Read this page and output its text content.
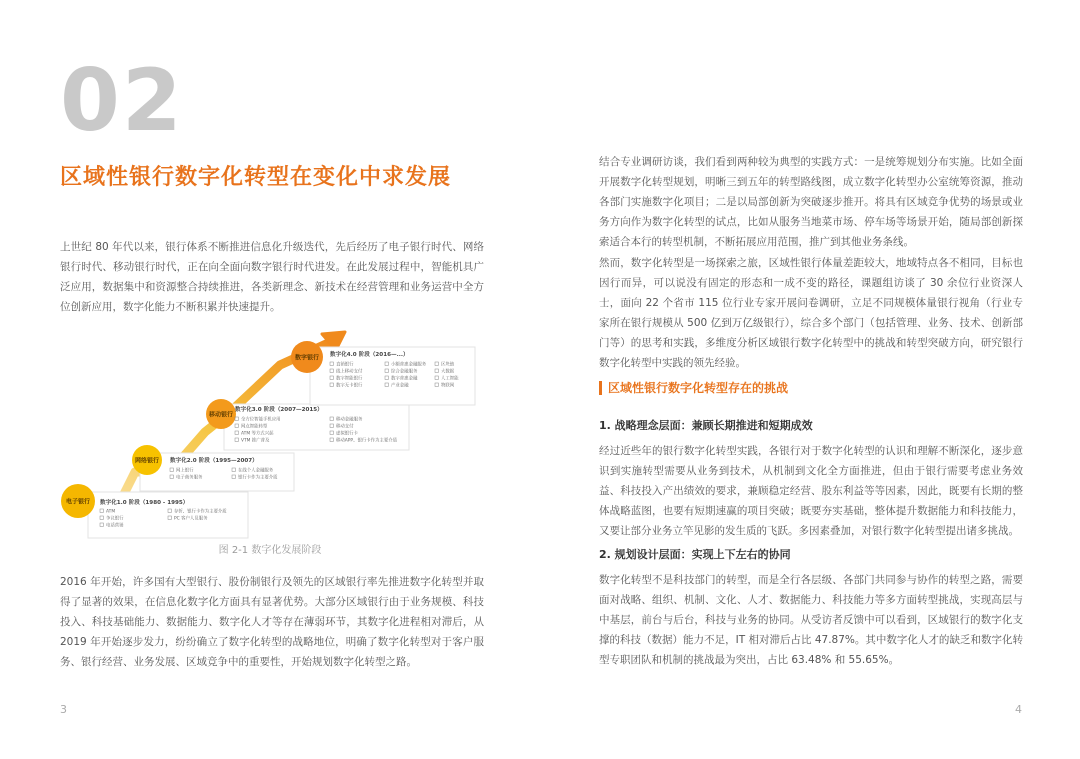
02
区域性银行数字化转型在变化中求发展
上世纪 80 年代以来，银行体系不断推进信息化升级迭代，先后经历了电子银行时代、网络银行时代、移动银行时代，正在向全面向数字银行时代进发。在此发展过程中，智能机具广泛应用，数据集中和资源整合持续推进，各类新理念、新技术在经营管理和业务运营中全方位创新应用，数字化能力不断积累并快速提升。
电子银行 数字化1.0 阶段（1980 - 1995）
ATM	存折、银行卡作为主要介质
争议银行	PC 客户人员服务
电话营销
网络银行 数字化2.0 阶段（1995—2007）
网上银行	在线个人金融服务
电子商务服务	银行卡作为主要介质
移动银行
数字化3.0 阶段（2007—2015）
全方位智能手机应用	移动金融服务
网点智能转型	移动支付
ATM 等方式兴起	虚拟银行卡
VTM 推广普及	移动APP、银行卡作为主要介质
数字银行 数字化4.0 阶段（2016—...）
直销银行	小额普惠金融服务	区块链
线上移动支付	综合金融服务	大数据
数字智能银行	数字普惠金融	人工智能
数字无卡银行	产业金融	物联网
图 2-1 数字化发展阶段
2016 年开始，许多国有大型银行、股份制银行及领先的区域银行率先推进数字化转型并取得了显著的效果，在信息化数字化方面具有显著优势。大部分区域银行由于业务规模、科技投入、科技基础能力、数据能力、数字化人才等存在薄弱环节，其数字化进程相对滞后，从 2019 年开始逐步发力，纷纷确立了数字化转型的战略地位，明确了数字化转型对于客户服务、银行经营、业务发展、区域竞争中的重要性，开始规划数字化转型之路。
3
结合专业调研访谈，我们看到两种较为典型的实践方式：一是统筹规划分布实施。比如全面开展数字化转型规划，明晰三到五年的转型路线图，成立数字化转型办公室统筹资源，推动各部门实施数字化项目；二是以局部创新为突破逐步推开。将具有区域竞争优势的场景或业务方向作为数字化转型的试点，比如从服务当地菜市场、停车场等场景开始，随局部创新探索适合本行的转型机制，不断拓展应用范围，推广到其他业务条线。
然而，数字化转型是一场探索之旅，区域性银行体量差距较大，地域特点各不相同，目标也因行而异，可以说没有固定的形态和一成不变的路径，课题组访谈了 30 余位行业资深人士，面向 22 个省市 115 位行业专家开展问卷调研，立足不同规模体量银行视角（行业专家所在银行规模从 500 亿到万亿级银行），综合多个部门（包括管理、业务、技术、创新部门等）的思考和实践，多维度分析区域银行数字化转型中的挑战和转型突破方向，研究银行数字化转型中实践的领先经验。
区域性银行数字化转型存在的挑战
1. 战略理念层面：兼顾长期推进和短期成效
经过近些年的银行数字化转型实践，各银行对于数字化转型的认识和理解不断深化，逐步意识到实施转型需要从业务到技术，从机制到文化全方面推进，但由于银行需要考虑业务效益、科技投入产出绩效的要求，兼顾稳定经营、股东利益等等因素，因此，既要有长期的整体战略蓝图，也要有短期速赢的项目突破；既要夯实基础，整体提升数据能力和科技能力，又要让部分业务立竿见影的发生质的飞跃。多因素叠加，对银行数字化转型提出诸多挑战。
2. 规划设计层面：实现上下左右的协同
数字化转型不是科技部门的转型，而是全行各层级、各部门共同参与协作的转型之路，需要面对战略、组织、机制、文化、人才、数据能力、科技能力等多方面转型挑战，实现高层与中基层，前台与后台，科技与业务的协同。从受访者反馈中可以看到，区域银行的数字化支撑的科技（数据）能力不足，IT 相对滞后占比 47.87%。其中数字化人才的缺乏和数字化转型专职团队和机制的挑战最为突出，占比 63.48% 和 55.65%。
4
